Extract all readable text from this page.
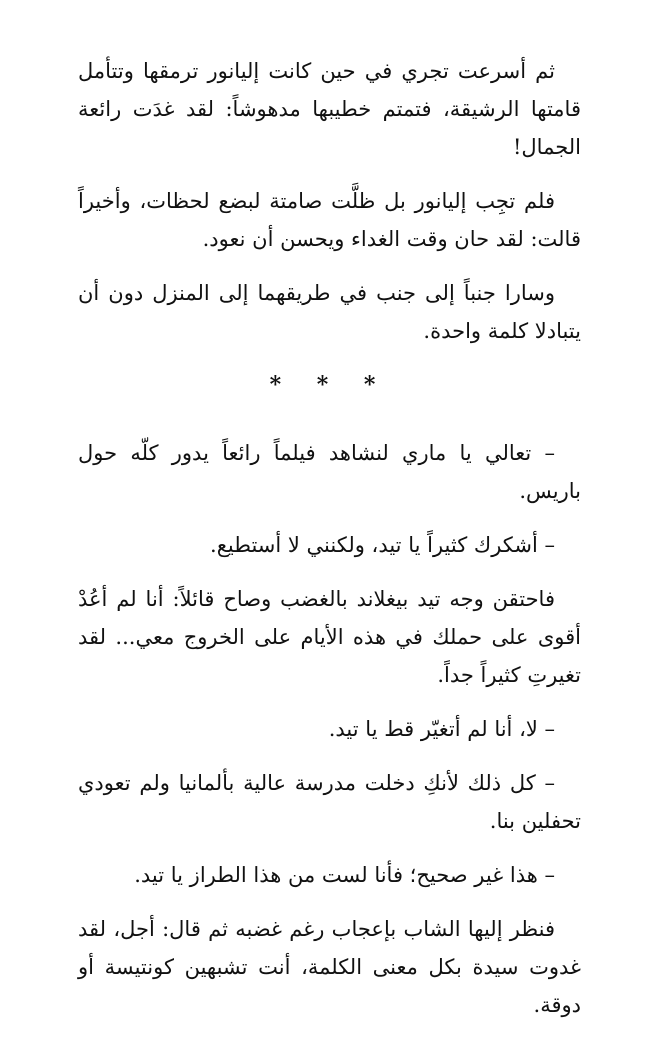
ثم أسرعت تجري في حين كانت إليانور ترمقها وتتأمل قامتها الرشيقة، فتمتم خطيبها مدهوشاً: لقد غدَت رائعة الجمال!

فلم تجِب إليانور بل ظلَّت صامتة لبضع لحظات، وأخيراً قالت: لقد حان وقت الغداء ويحسن أن نعود.

وسارا جنباً إلى جنب في طريقهما إلى المنزل دون أن يتبادلا كلمة واحدة.

* * *

– تعالي يا ماري لنشاهد فيلماً رائعاً يدور كلّه حول باريس.

– أشكرك كثيراً يا تيد، ولكنني لا أستطيع.

فاحتقن وجه تيد بيغلاند بالغضب وصاح قائلاً: أنا لم أعُدْ أقوى على حملك في هذه الأيام على الخروج معي... لقد تغيرتِ كثيراً جداً.

– لا، أنا لم أتغيّر قط يا تيد.

– كل ذلك لأنكِ دخلت مدرسة عالية بألمانيا ولم تعودي تحفلين بنا.

– هذا غير صحيح؛ فأنا لست من هذا الطراز يا تيد.

فنظر إليها الشاب بإعجاب رغم غضبه ثم قال: أجل، لقد غدوت سيدة بكل معنى الكلمة، أنت تشبهين كونتيسة أو دوقة.
